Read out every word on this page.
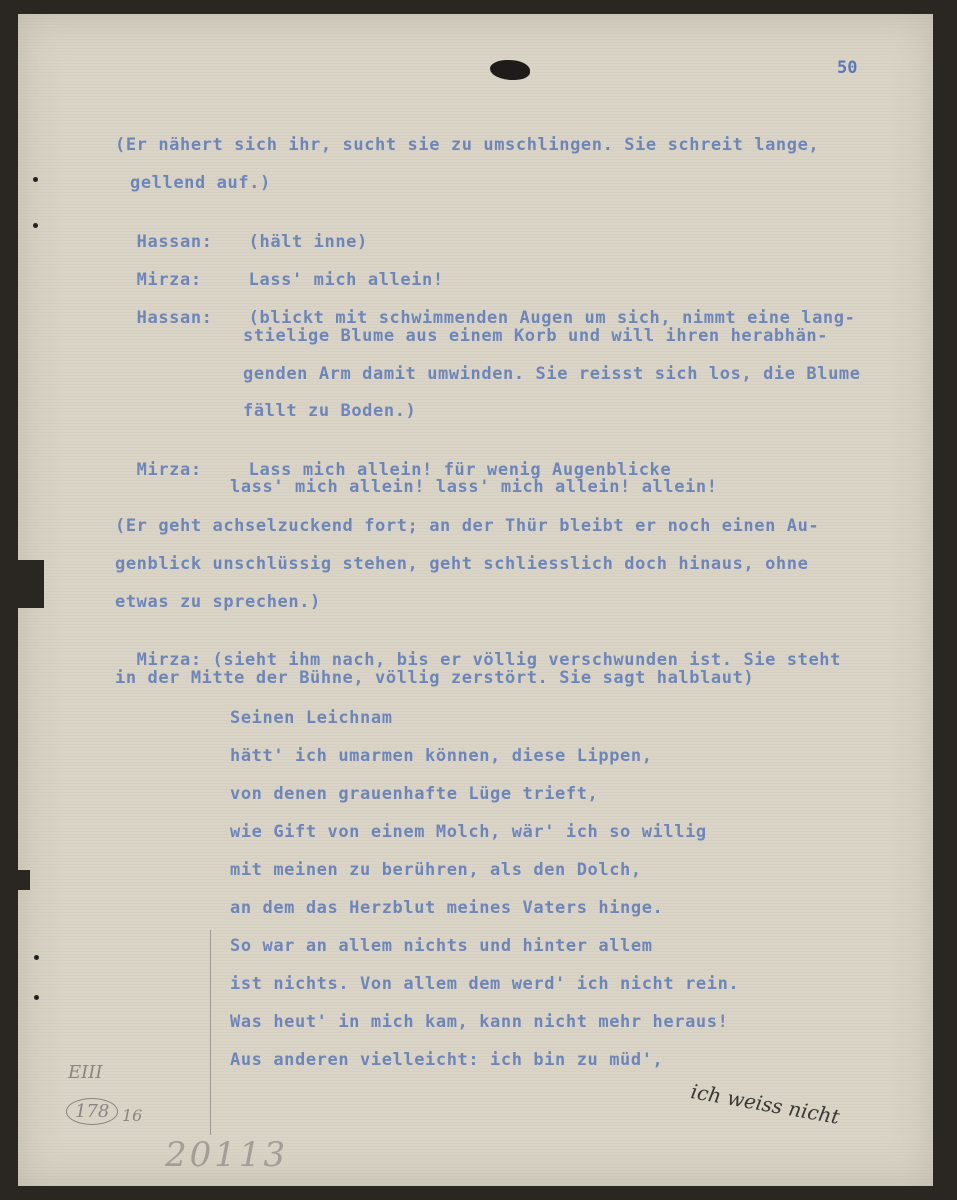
50
(Er nähert sich ihr, sucht sie zu umschlingen. Sie schreit lange,
gellend auf.)

Hassan: (hält inne)

Mirza:	Lass' mich allein!

Hassan: (blickt mit schwimmenden Augen um sich, nimmt eine lang-

stielige Blume aus einem Korb und will ihren herabhän-
genden Arm damit umwinden. Sie reisst sich los, die Blume
fällt zu Boden.)

Mirza:	Lass mich allein! für wenig Augenblicke

lass' mich allein! lass' mich allein! allein!
(Er geht achselzuckend fort; an der Thür bleibt er noch einen Au-
genblick unschlüssig stehen, geht schliesslich doch hinaus, ohne
etwas zu sprechen.)

Mirza: (sieht ihm nach, bis er völlig verschwunden ist. Sie steht

in der Mitte der Bühne, völlig zerstört. Sie sagt halblaut)
Seinen Leichnam
hätt' ich umarmen können, diese Lippen,
von denen grauenhafte Lüge trieft,
wie Gift von einem Molch, wär' ich so willig
mit meinen zu berühren, als den Dolch,
an dem das Herzblut meines Vaters hinge.
So war an allem nichts und hinter allem
ist nichts. Von allem dem werd' ich nicht rein.
Was heut' in mich kam, kann nicht mehr heraus!
Aus anderen vielleicht: ich bin zu müd',
EIII
178 16
20113
ich weiss nicht
